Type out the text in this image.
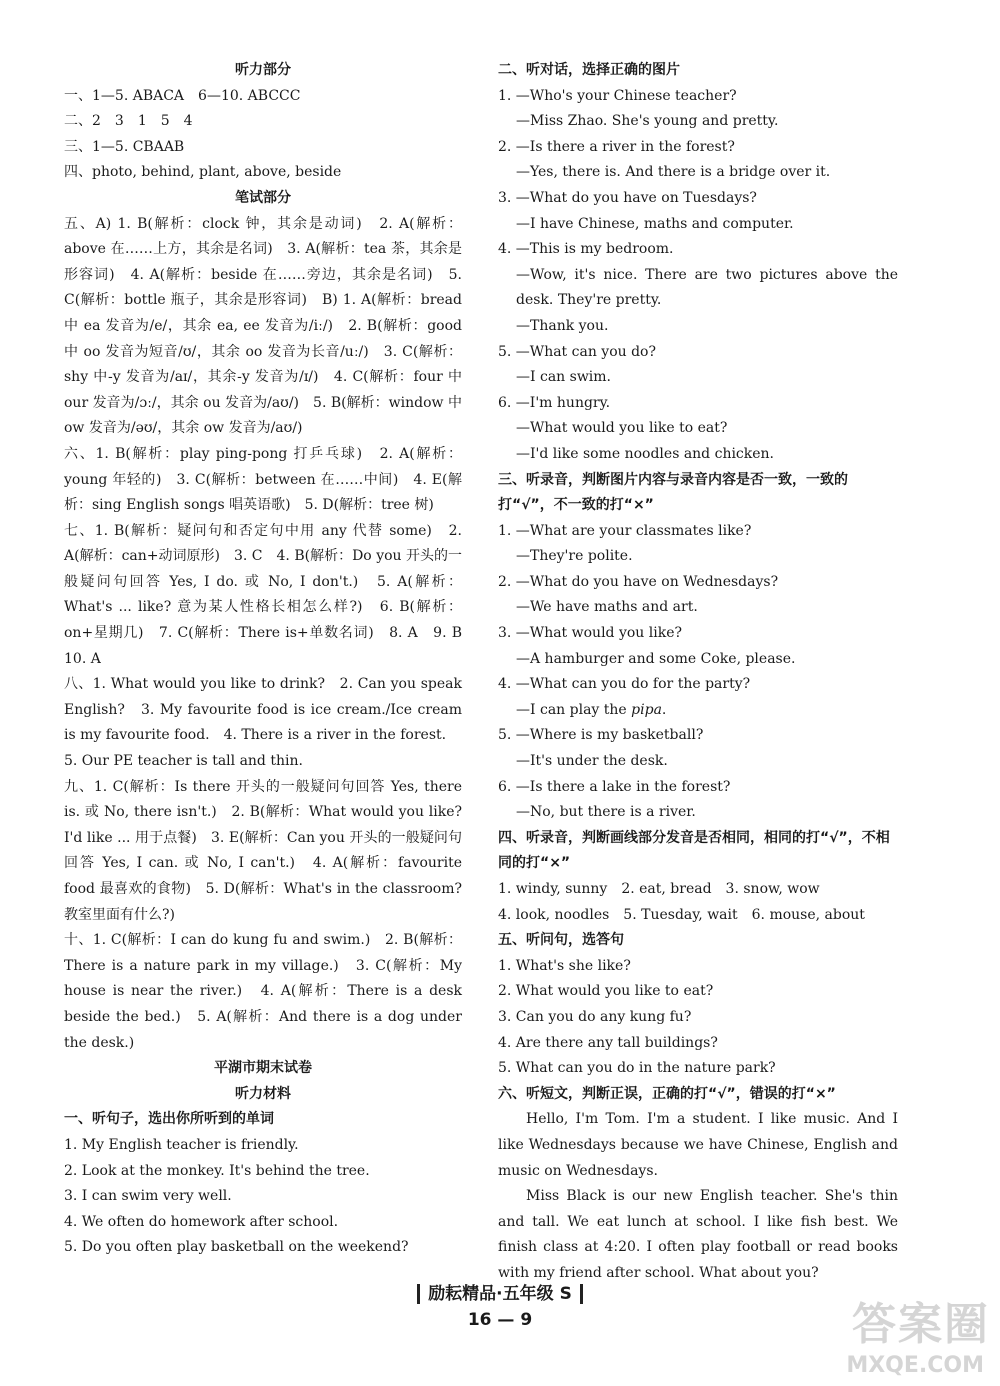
听力部分

一、1—5. ABACA　6—10. ABCCC

二、2　3　1　5　4

三、1—5. CBAAB

四、photo, behind, plant, above, beside

笔试部分

五、A) 1. B(解析：clock 钟，其余是动词)　2. A(解析：above 在……上方，其余是名词)　3. A(解析：tea 茶，其余是形容词)　4. A(解析：beside 在……旁边，其余是名词)　5. C(解析：bottle 瓶子，其余是形容词)　B) 1. A(解析：bread 中 ea 发音为/e/，其余 ea, ee 发音为/iː/)　2. B(解析：good 中 oo 发音为短音/ʊ/，其余 oo 发音为长音/uː/)　3. C(解析：shy 中-y 发音为/aɪ/，其余-y 发音为/ɪ/)　4. C(解析：four 中 our 发音为/ɔː/，其余 ou 发音为/aʊ/)　5. B(解析：window 中 ow 发音为/əʊ/，其余 ow 发音为/aʊ/)

六、1. B(解析：play ping-pong 打乒乓球)　2. A(解析：young 年轻的)　3. C(解析：between 在……中间)　4. E(解析：sing English songs 唱英语歌)　5. D(解析：tree 树)

七、1. B(解析：疑问句和否定句中用 any 代替 some)　2. A(解析：can+动词原形)　3. C　4. B(解析：Do you 开头的一般疑问句回答 Yes, I do. 或 No, I don't.)　5. A(解析：What's ... like? 意为某人性格长相怎么样?)　6. B(解析：on+星期几)　7. C(解析：There is+单数名词)　8. A　9. B　10. A

八、1. What would you like to drink?　2. Can you speak English?　3. My favourite food is ice cream./Ice cream is my favourite food.　4. There is a river in the forest.

5. Our PE teacher is tall and thin.

九、1. C(解析：Is there 开头的一般疑问句回答 Yes, there is. 或 No, there isn't.)　2. B(解析：What would you like? I'd like ... 用于点餐)　3. E(解析：Can you 开头的一般疑问句回答 Yes, I can. 或 No, I can't.)　4. A(解析：favourite food 最喜欢的食物)　5. D(解析：What's in the classroom? 教室里面有什么?)

十、1. C(解析：I can do kung fu and swim.)　2. B(解析：There is a nature park in my village.)　3. C(解析：My house is near the river.)　4. A(解析：There is a desk beside the bed.)　5. A(解析：And there is a dog under the desk.)

平湖市期末试卷

听力材料

一、听句子，选出你所听到的单词

1. My English teacher is friendly.

2. Look at the monkey. It's behind the tree.

3. I can swim very well.

4. We often do homework after school.

5. Do you often play basketball on the weekend?

二、听对话，选择正确的图片

1. —Who's your Chinese teacher?

—Miss Zhao. She's young and pretty.

2. —Is there a river in the forest?

—Yes, there is. And there is a bridge over it.

3. —What do you have on Tuesdays?

—I have Chinese, maths and computer.

4. —This is my bedroom.

—Wow, it's nice. There are two pictures above the desk. They're pretty.

—Thank you.

5. —What can you do?

—I can swim.

6. —I'm hungry.

—What would you like to eat?

—I'd like some noodles and chicken.

三、听录音，判断图片内容与录音内容是否一致，一致的打“√”，不一致的打“×”

1. —What are your classmates like?

—They're polite.

2. —What do you have on Wednesdays?

—We have maths and art.

3. —What would you like?

—A hamburger and some Coke, please.

4. —What can you do for the party?

—I can play the pipa.

5. —Where is my basketball?

—It's under the desk.

6. —Is there a lake in the forest?

—No, but there is a river.

四、听录音，判断画线部分发音是否相同，相同的打“√”，不相同的打“×”

1. windy, sunny　2. eat, bread　3. snow, wow

4. look, noodles　5. Tuesday, wait　6. mouse, about

五、听问句，选答句

1. What's she like?

2. What would you like to eat?

3. Can you do any kung fu?

4. Are there any tall buildings?

5. What can you do in the nature park?

六、听短文，判断正误，正确的打“√”，错误的打“×”

Hello, I'm Tom. I'm a student. I like music. And I like Wednesdays because we have Chinese, English and music on Wednesdays.

Miss Black is our new English teacher. She's thin and tall. We eat lunch at school. I like fish best. We finish class at 4:20. I often play football or read books with my friend after school. What about you?

励耘精品·五年级 S
16 — 9	答案圈
MXQE.COM
